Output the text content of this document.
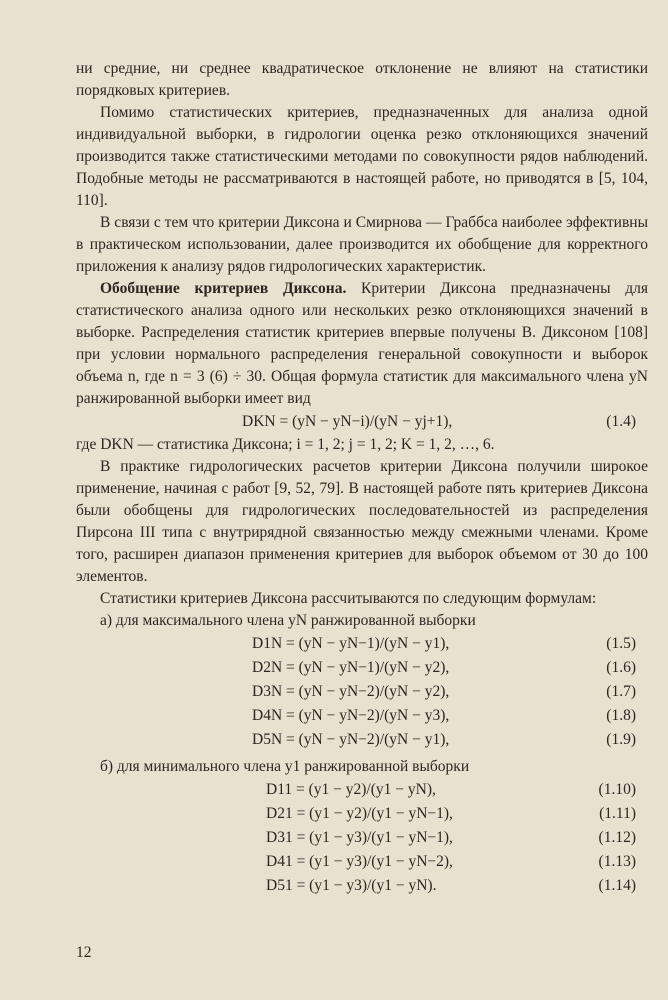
ни средние, ни среднее квадратическое отклонение не влияют на статистики порядковых критериев.

Помимо статистических критериев, предназначенных для анализа одной индивидуальной выборки, в гидрологии оценка резко отклоняющихся значений производится также статистическими методами по совокупности рядов наблюдений. Подобные методы не рассматриваются в настоящей работе, но приводятся в [5, 104, 110].

В связи с тем что критерии Диксона и Смирнова — Граббса наиболее эффективны в практическом использовании, далее производится их обобщение для корректного приложения к анализу рядов гидрологических характеристик.

Обобщение критериев Диксона. Критерии Диксона предназначены для статистического анализа одного или нескольких резко отклоняющихся значений в выборке. Распределения статистик критериев впервые получены В. Диксоном [108] при условии нормального распределения генеральной совокупности и выборок объема n, где n = 3 (6) ÷ 30. Общая формула статистик для максимального члена yN ранжированной выборки имеет вид

DKN = (yN − yN−i)/(yN − yj+1),	(1.4)

где DKN — статистика Диксона; i = 1, 2; j = 1, 2; K = 1, 2, …, 6.

В практике гидрологических расчетов критерии Диксона получили широкое применение, начиная с работ [9, 52, 79]. В настоящей работе пять критериев Диксона были обобщены для гидрологических последовательностей из распределения Пирсона III типа с внутрирядной связанностью между смежными членами. Кроме того, расширен диапазон применения критериев для выборок объемом от 30 до 100 элементов.

Статистики критериев Диксона рассчитываются по следующим формулам:

а) для максимального члена yN ранжированной выборки
D1N = (yN − yN−1)/(yN − y1),	(1.5)
D2N = (yN − yN−1)/(yN − y2),	(1.6)
D3N = (yN − yN−2)/(yN − y2),	(1.7)
D4N = (yN − yN−2)/(yN − y3),	(1.8)
D5N = (yN − yN−2)/(yN − y1),	(1.9)
б) для минимального члена y1 ранжированной выборки
D11 = (y1 − y2)/(y1 − yN),	(1.10)
D21 = (y1 − y2)/(y1 − yN−1),	(1.11)
D31 = (y1 − y3)/(y1 − yN−1),	(1.12)
D41 = (y1 − y3)/(y1 − yN−2),	(1.13)
D51 = (y1 − y3)/(y1 − yN).	(1.14)
12
